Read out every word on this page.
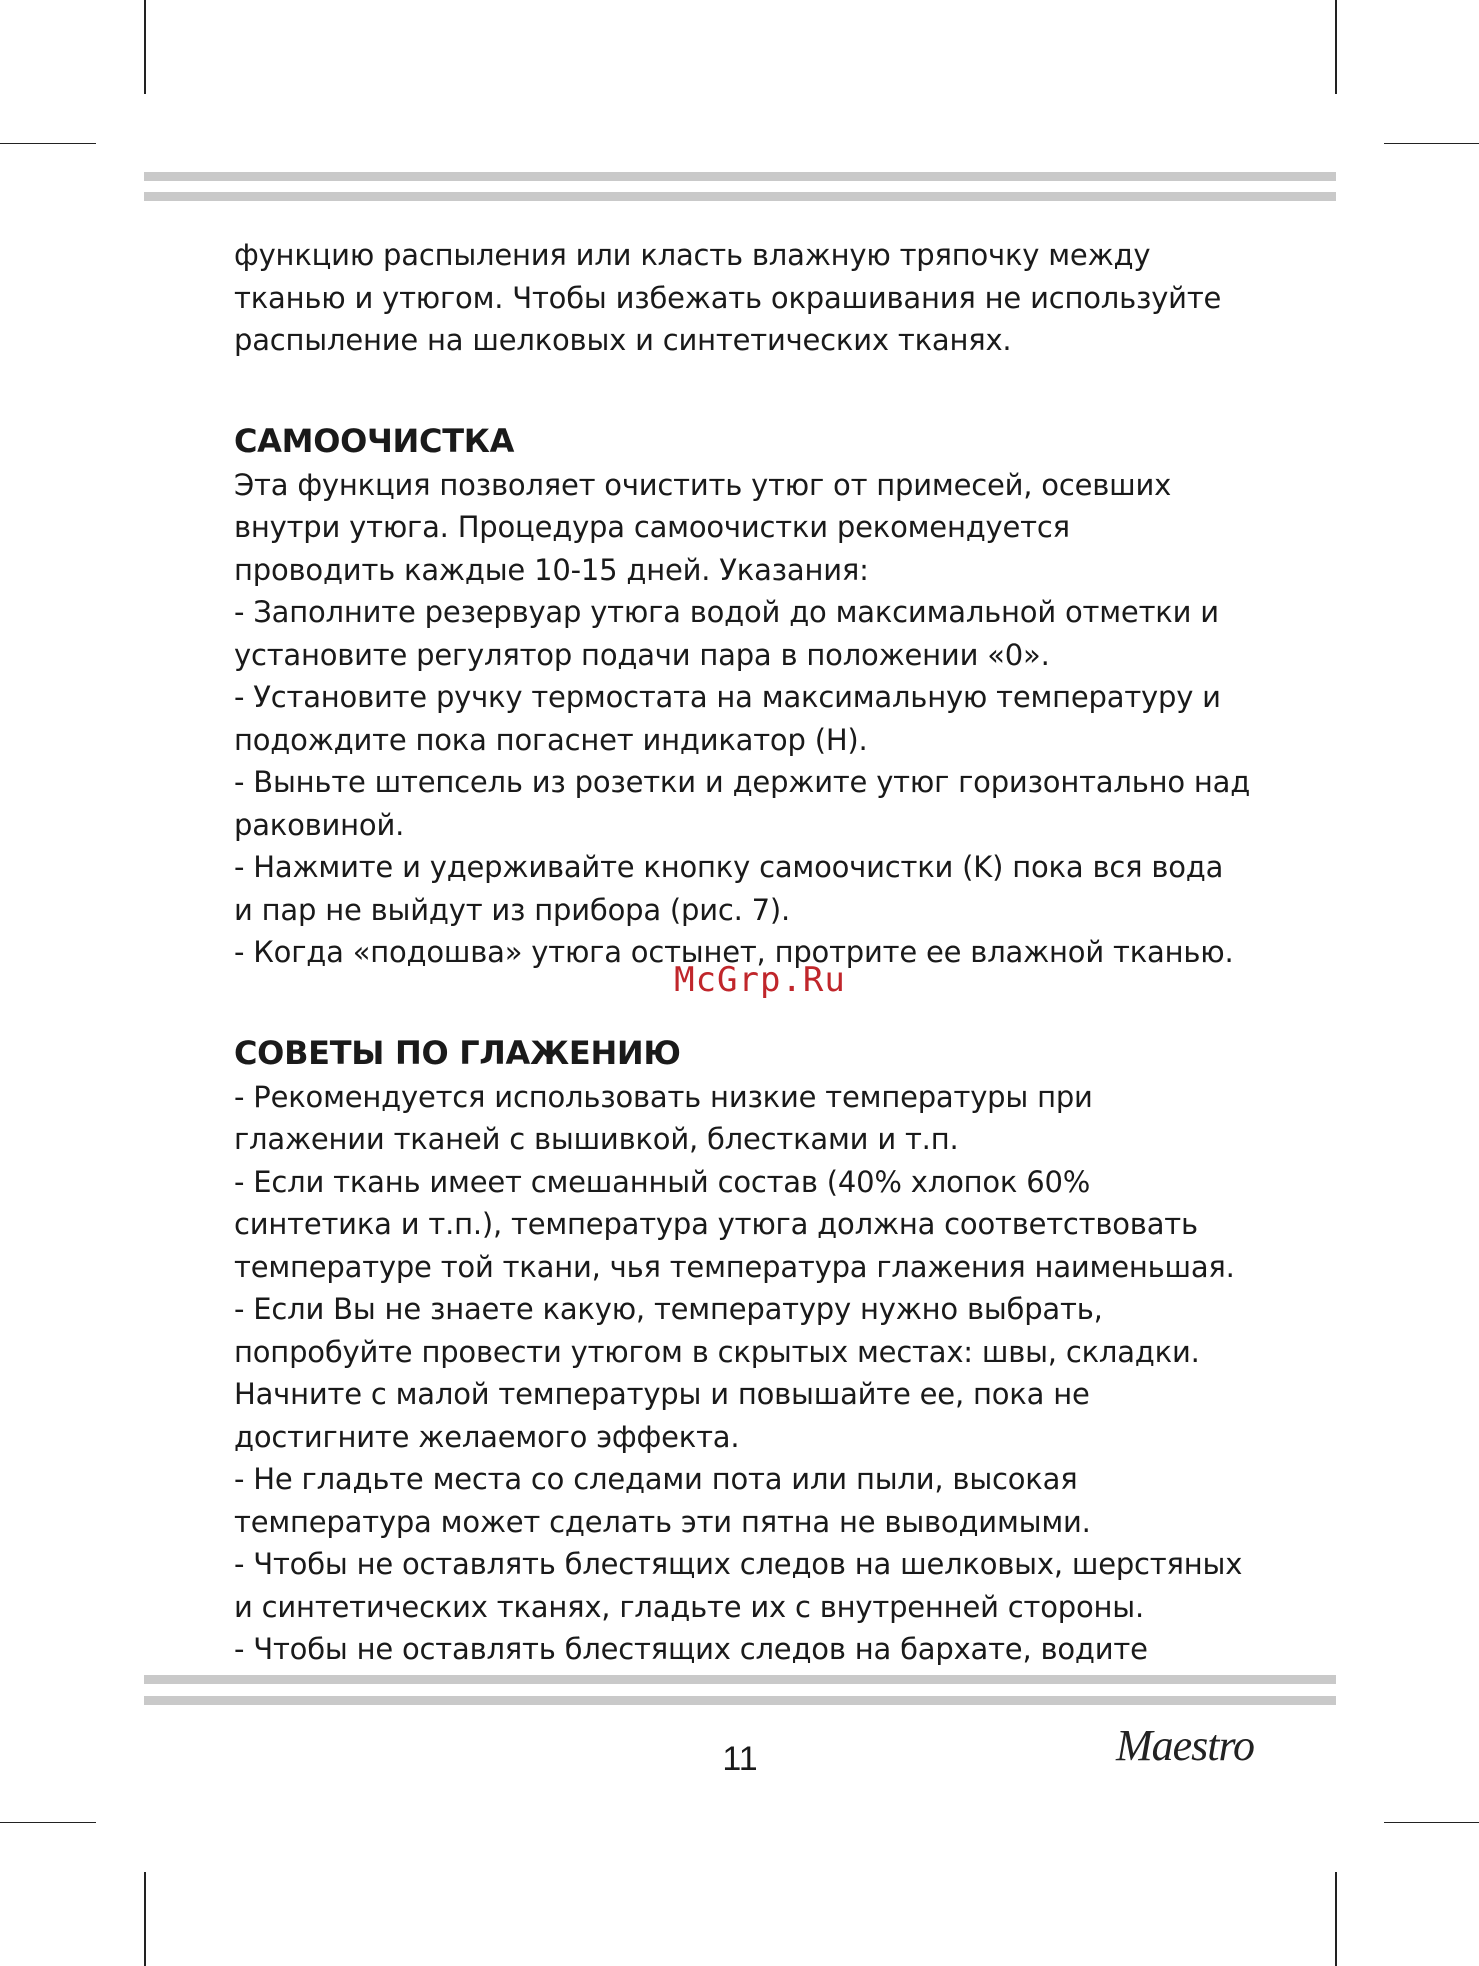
функцию распыления или класть влажную тряпочку между

тканью и утюгом. Чтобы избежать окрашивания не используйте

распыление на шелковых и синтетических тканях.

САМООЧИСТКА

Эта функция позволяет очистить утюг от примесей, осевших

внутри утюга. Процедура самоочистки рекомендуется

проводить каждые 10-15 дней. Указания:

- Заполните резервуар утюга водой до максимальной отметки и

установите регулятор подачи пара в положении «0».

- Установите ручку термостата на максимальную температуру и

подождите пока погаснет индикатор (H).

- Выньте штепсель из розетки и держите утюг горизонтально над

раковиной.

- Нажмите и удерживайте кнопку самоочистки (K) пока вся вода

и пар не выйдут из прибора (рис. 7).

- Когда «подошва» утюга остынет, протрите ее влажной тканью.

СОВЕТЫ ПО ГЛАЖЕНИЮ

- Рекомендуется использовать низкие температуры при

глажении тканей с вышивкой, блестками и т.п.

- Если ткань имеет смешанный состав (40% хлопок 60%

синтетика и т.п.), температура утюга должна соответствовать

температуре той ткани, чья температура глажения наименьшая.

- Если Вы не знаете какую, температуру нужно выбрать,

попробуйте провести утюгом в скрытых местах: швы, складки.

Начните с малой температуры и повышайте ее, пока не

достигните желаемого эффекта.

- Не гладьте места со следами пота или пыли, высокая

температура может сделать эти пятна не выводимыми.

- Чтобы не оставлять блестящих следов на шелковых, шерстяных

и синтетических тканях, гладьте их с внутренней стороны.

- Чтобы не оставлять блестящих следов на бархате, водите

McGrp.Ru
11	Maestro
